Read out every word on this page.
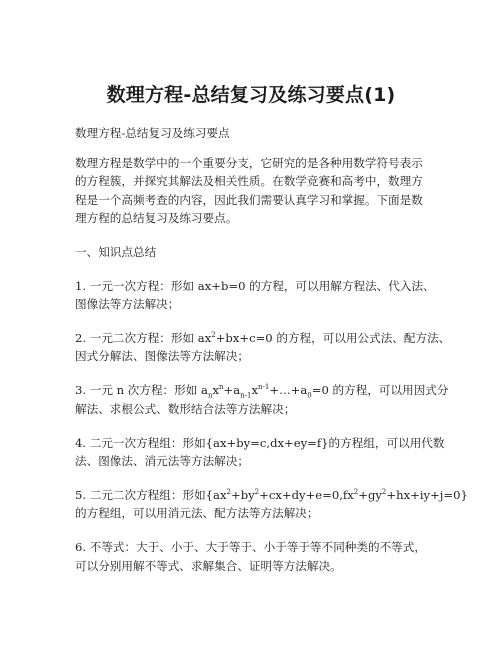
数理方程-总结复习及练习要点(1)
数理方程-总结复习及练习要点
数理方程是数学中的一个重要分支，它研究的是各种用数学符号表示
的方程簇，并探究其解法及相关性质。在数学竞赛和高考中，数理方
程是一个高频考查的内容，因此我们需要认真学习和掌握。下面是数
理方程的总结复习及练习要点。
一、知识点总结
1. 一元一次方程：形如 ax+b=0 的方程，可以用解方程法、代入法、
图像法等方法解决；
2. 一元二次方程：形如 $ax^2+bx+c=0$ 的方程，可以用公式法、配方法、
因式分解法、图像法等方法解决；
3. 一元 n 次方程：形如 $a_nx^n+a_{n-1}x^{n-1}+\dots+a_0=0$ 的方程，可以用因式分
解法、求根公式、数形结合法等方法解决；
4. 二元一次方程组：形如{ax+by=c,dx+ey=f}的方程组，可以用代数
法、图像法、消元法等方法解决；
5. 二元二次方程组：形如$\{ax^2+by^2+cx+dy+e=0,fx^2+gy^2+hx+iy+j=0\}$
的方程组，可以用消元法、配方法等方法解决；
6. 不等式：大于、小于、大于等于、小于等于等不同种类的不等式，
可以分别用解不等式、求解集合、证明等方法解决。
